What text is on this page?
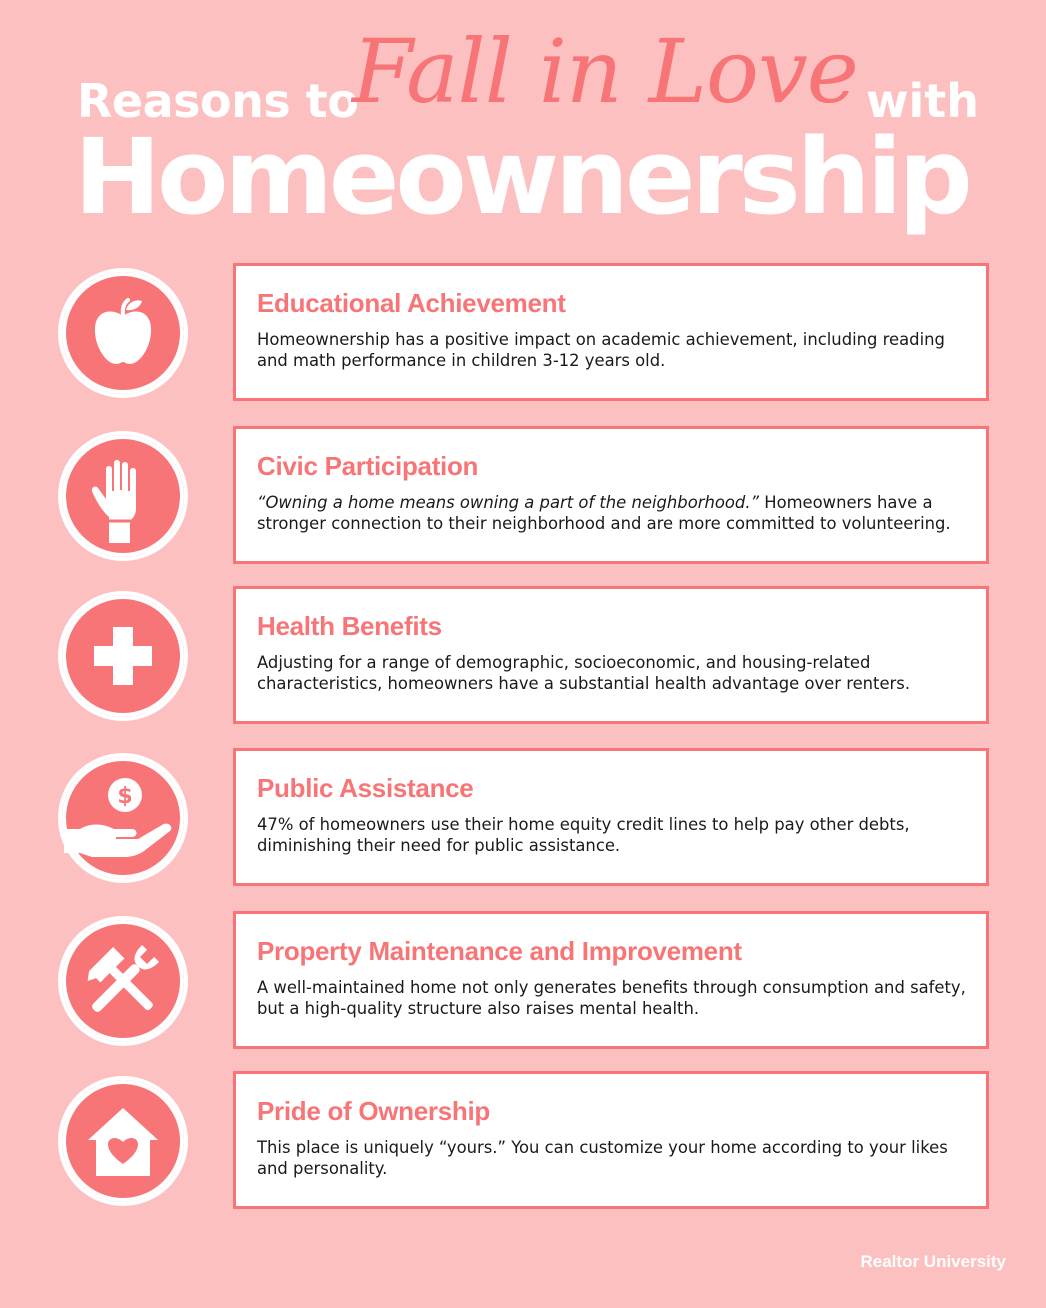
Reasons to
Fall in Love with
Homeownership
Educational Achievement

Homeownership has a positive impact on academic achievement, including reading and math performance in children 3-12 years old.

Civic Participation

“Owning a home means owning a part of the neighborhood.” Homeowners have a stronger connection to their neighborhood and are more committed to volunteering.

Health Benefits

Adjusting for a range of demographic, socioeconomic, and housing-related characteristics, homeowners have a substantial health advantage over renters.

$	Public Assistance

47% of homeowners use their home equity credit lines to help pay other debts, diminishing their need for public assistance.

Property Maintenance and Improvement

A well-maintained home not only generates benefits through consumption and safety, but a high-quality structure also raises mental health.

Pride of Ownership

This place is uniquely “yours.” You can customize your home according to your likes and personality.

Realtor University
